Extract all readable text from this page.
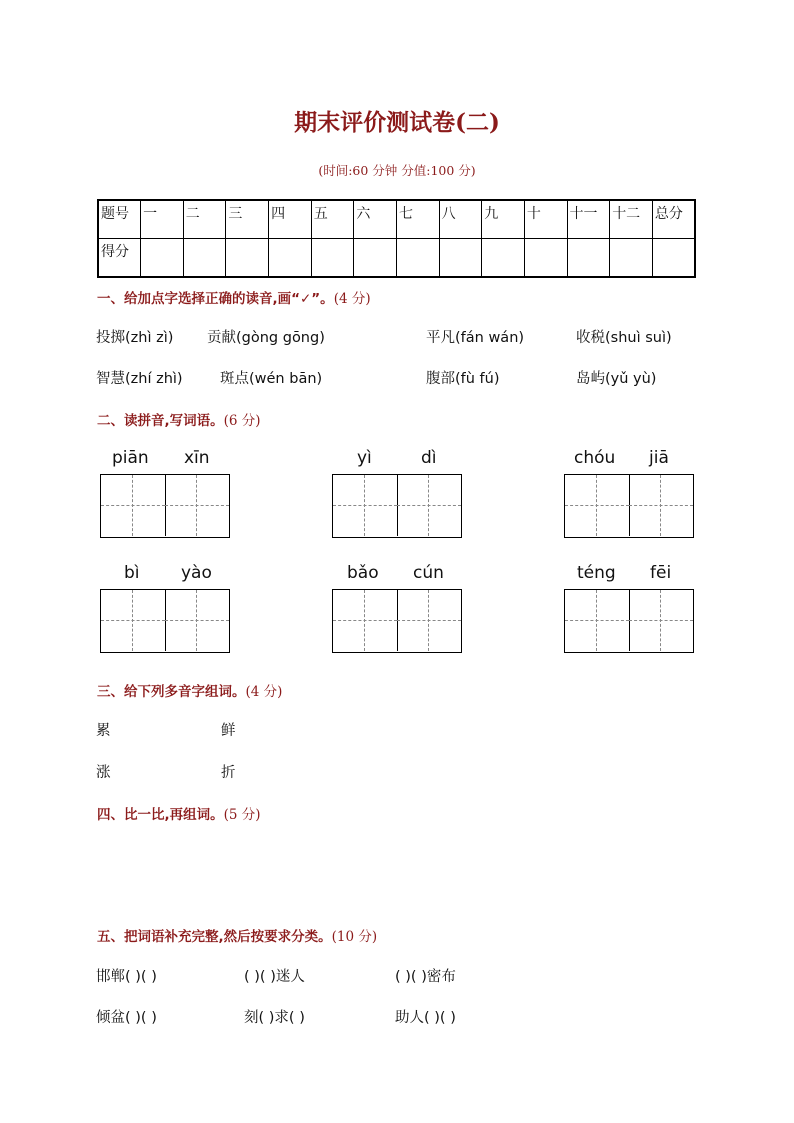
期末评价测试卷(二)
(时间:60 分钟 分值:100 分)
题号	一	二	三	四	五	六	七	八	九	十	十一	十二	总分
得分													
一、给加点字选择正确的读音,画“✓”。(4 分)
投掷(zhì zì) 贡献(gòng gōng)	平凡(fán wán)	收税(shuì suì)
智慧(zhí zhì)	斑点(wén bān)	腹部(fù fú)	岛屿(yǔ yù)
二、读拼音,写词语。(6 分)
piān xīn	yì	dì	chóu jiā
bì yào	bǎo cún	téng fēi
三、给下列多音字组词。(4 分)
累	鲜
涨	折
四、比一比,再组词。(5 分)
五、把词语补充完整,然后按要求分类。(10 分)
邯郸( )( )	( )( )迷人	( )( )密布
倾盆( )( )	刻( )求( )	助人( )( )
